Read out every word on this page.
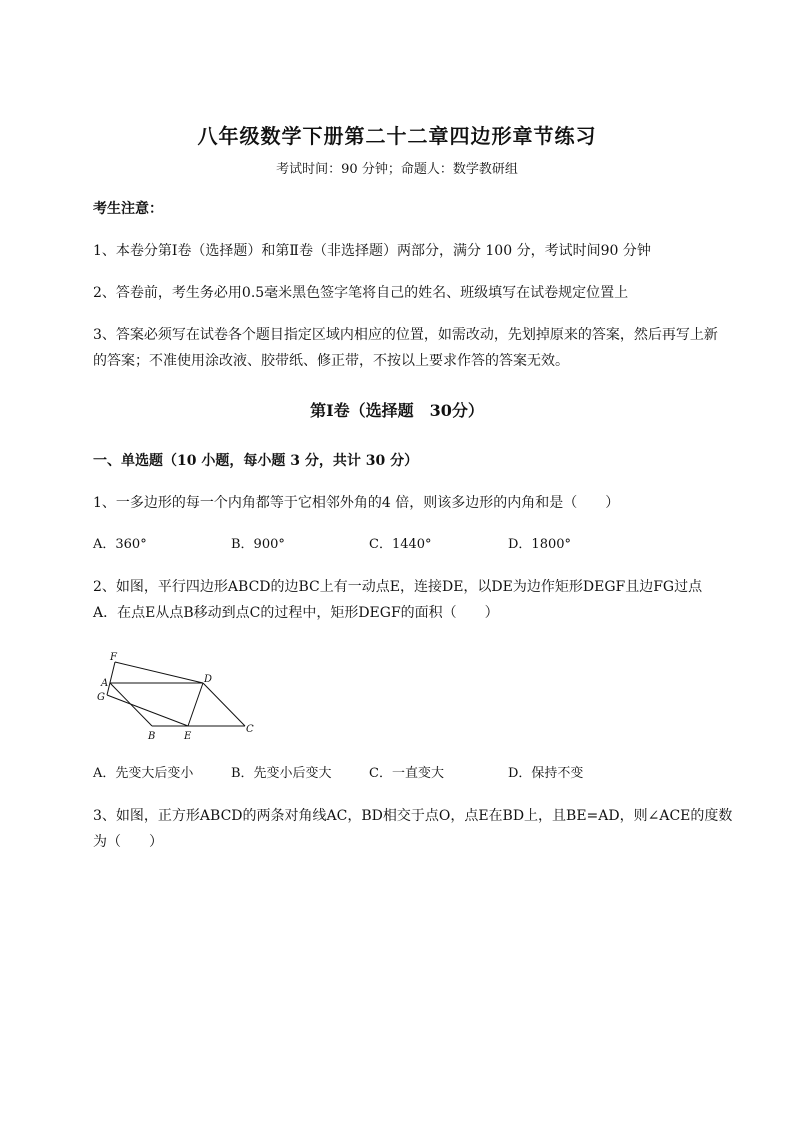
八年级数学下册第二十二章四边形章节练习
考试时间：90 分钟；命题人：数学教研组
考生注意：
1、本卷分第Ⅰ卷（选择题）和第Ⅱ卷（非选择题）两部分，满分 100 分，考试时间90 分钟
2、答卷前，考生务必用0.5毫米黑色签字笔将自己的姓名、班级填写在试卷规定位置上
3、答案必须写在试卷各个题目指定区域内相应的位置，如需改动，先划掉原来的答案，然后再写上新
的答案；不准使用涂改液、胶带纸、修正带，不按以上要求作答的答案无效。
第Ⅰ卷（选择题　30分）
一、单选题（10 小题，每小题 3 分，共计 30 分）
1、一多边形的每一个内角都等于它相邻外角的4 倍，则该多边形的内角和是（　　）
A．360°	B．900°	C．1440°	D．1800°
2、如图，平行四边形ABCD的边BC上有一动点E，连接DE，以DE为边作矩形DEGF且边FG过点
A．在点E从点B移动到点C的过程中，矩形DEGF的面积（　　）
F
A
G
D
B	E
C
A．先变大后变小	B．先变小后变大	C．一直变大	D．保持不变
3、如图，正方形ABCD的两条对角线AC，BD相交于点O，点E在BD上，且BE=AD，则∠ACE的度数
为（　　）
